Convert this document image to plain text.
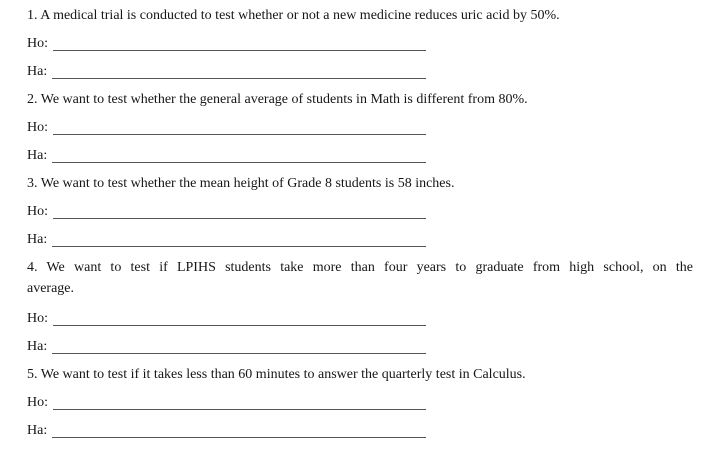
1. A medical trial is conducted to test whether or not a new medicine reduces uric acid by 50%.
Ho:
Ha:
2. We want to test whether the general average of students in Math is different from 80%.
Ho:
Ha:
3. We want to test whether the mean height of Grade 8 students is 58 inches.
Ho:
Ha:
4. We want to test if LPIHS students take more than four years to graduate from high school, on the
average.
Ho:
Ha:
5. We want to test if it takes less than 60 minutes to answer the quarterly test in Calculus.
Ho:
Ha:
